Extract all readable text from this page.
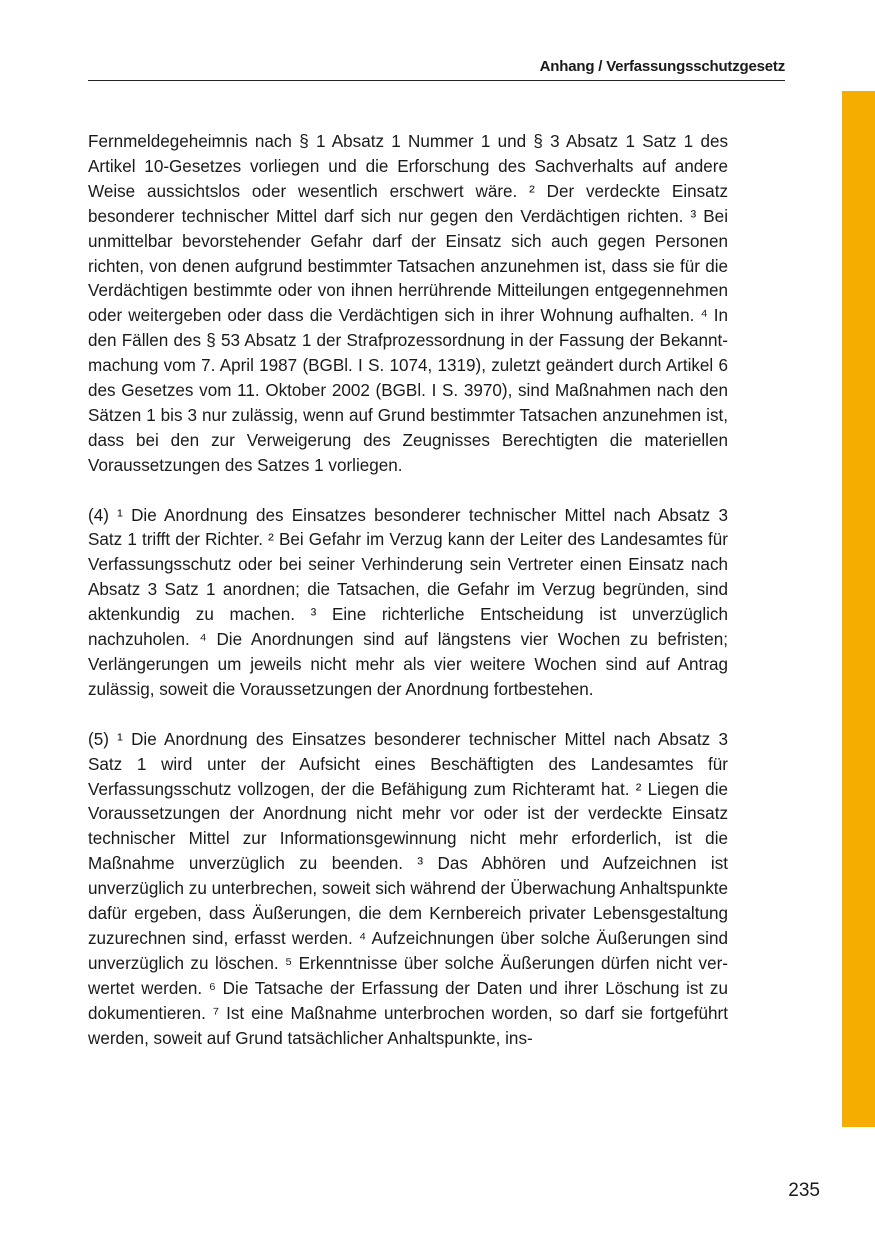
Anhang / Verfassungsschutzgesetz

Fernmeldegeheimnis nach § 1 Absatz 1 Nummer 1 und § 3 Absatz 1 Satz 1 des Artikel 10-Gesetzes vorliegen und die Erforschung des Sachverhalts auf andere Weise aussichtslos oder wesentlich erschwert wäre. ² Der verdeckte Einsatz besonderer technischer Mittel darf sich nur gegen den Verdächtigen richten. ³ Bei unmittelbar bevorstehender Gefahr darf der Einsatz sich auch gegen Personen richten, von denen aufgrund bestimmter Tatsachen anzunehmen ist, dass sie für die Verdächtigen bestimmte oder von ihnen herrührende Mitteilungen entgegennehmen oder weitergeben oder dass die Verdächtigen sich in ihrer Wohnung aufhalten. ⁴ In den Fällen des § 53 Absatz 1 der Strafprozessordnung in der Fassung der Bekanntmachung vom 7. April 1987 (BGBl. I S. 1074, 1319), zuletzt geändert durch Artikel 6 des Gesetzes vom 11. Oktober 2002 (BGBl. I S. 3970), sind Maßnahmen nach den Sätzen 1 bis 3 nur zulässig, wenn auf Grund bestimmter Tatsachen anzunehmen ist, dass bei den zur Verweigerung des Zeugnisses Berechtigten die materiellen Voraussetzungen des Satzes 1 vorliegen.

(4) ¹ Die Anordnung des Einsatzes besonderer technischer Mittel nach Absatz 3 Satz 1 trifft der Richter. ² Bei Gefahr im Verzug kann der Leiter des Landesamtes für Verfassungsschutz oder bei seiner Verhinderung sein Vertreter einen Einsatz nach Absatz 3 Satz 1 anordnen; die Tatsachen, die Gefahr im Verzug begründen, sind aktenkundig zu machen. ³ Eine richterliche Entscheidung ist unverzüglich nachzuholen. ⁴ Die Anordnungen sind auf längstens vier Wochen zu befristen; Verlängerungen um jeweils nicht mehr als vier weitere Wochen sind auf Antrag zulässig, soweit die Voraussetzungen der Anordnung fortbestehen.

(5) ¹ Die Anordnung des Einsatzes besonderer technischer Mittel nach Absatz 3 Satz 1 wird unter der Aufsicht eines Beschäftigten des Landesamtes für Verfassungsschutz vollzogen, der die Befähigung zum Richteramt hat. ² Liegen die Voraussetzungen der Anordnung nicht mehr vor oder ist der verdeckte Einsatz technischer Mittel zur Informationsgewinnung nicht mehr erforderlich, ist die Maßnahme unverzüglich zu beenden. ³ Das Abhören und Aufzeichnen ist unverzüglich zu unterbrechen, soweit sich während der Überwachung Anhaltspunkte dafür ergeben, dass Äußerungen, die dem Kernbereich privater Lebensgestaltung zuzurechnen sind, erfasst werden. ⁴ Aufzeichnungen über solche Äußerungen sind unverzüglich zu löschen. ⁵ Erkenntnisse über solche Äußerungen dürfen nicht verwertet werden. ⁶ Die Tatsache der Erfassung der Daten und ihrer Löschung ist zu dokumentieren. ⁷ Ist eine Maßnahme unterbrochen worden, so darf sie fortgeführt werden, soweit auf Grund tatsächlicher Anhaltspunkte, ins-

235
